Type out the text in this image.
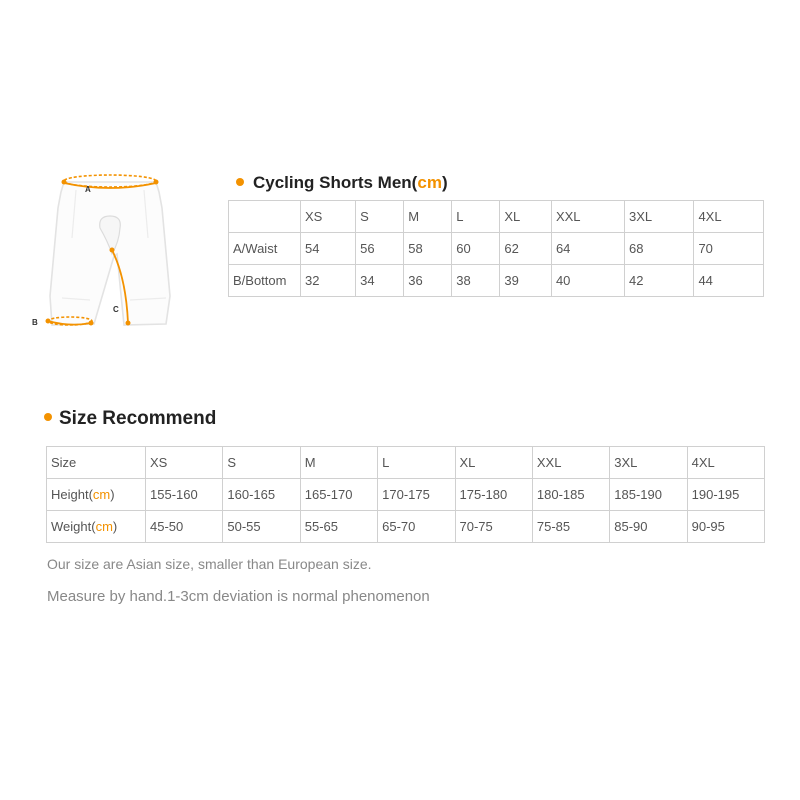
A
B
C
Cycling Shorts Men(cm)
	XS	S	M	L	XL	XXL	3XL	4XL
A/Waist	54	56	58	60	62	64	68	70
B/Bottom	32	34	36	38	39	40	42	44
Size Recommend
Size	XS	S	M	L	XL	XXL	3XL	4XL
Height(cm)	155-160	160-165	165-170	170-175	175-180	180-185	185-190	190-195
Weight(cm)	45-50	50-55	55-65	65-70	70-75	75-85	85-90	90-95
Our size are Asian size, smaller than European size.
Measure by hand.1-3cm deviation is normal phenomenon
